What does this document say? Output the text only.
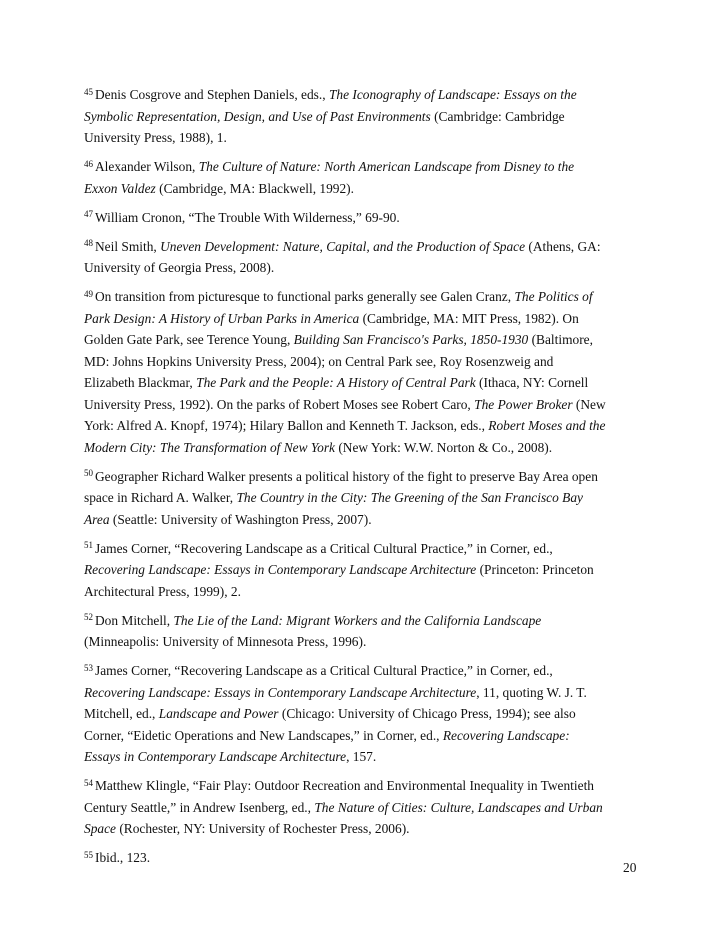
$^{45}$ Denis Cosgrove and Stephen Daniels, eds., The Iconography of Landscape: Essays on the
Symbolic Representation, Design, and Use of Past Environments (Cambridge: Cambridge
University Press, 1988), 1.
$^{46}$ Alexander Wilson, The Culture of Nature: North American Landscape from Disney to the
Exxon Valdez (Cambridge, MA: Blackwell, 1992).
$^{47}$ William Cronon, “The Trouble With Wilderness,” 69-90.
$^{48}$ Neil Smith, Uneven Development: Nature, Capital, and the Production of Space (Athens, GA:
University of Georgia Press, 2008).
$^{49}$ On transition from picturesque to functional parks generally see Galen Cranz, The Politics of
Park Design: A History of Urban Parks in America (Cambridge, MA: MIT Press, 1982). On
Golden Gate Park, see Terence Young, Building San Francisco's Parks, 1850-1930 (Baltimore,
MD: Johns Hopkins University Press, 2004); on Central Park see, Roy Rosenzweig and
Elizabeth Blackmar, The Park and the People: A History of Central Park (Ithaca, NY: Cornell
University Press, 1992). On the parks of Robert Moses see Robert Caro, The Power Broker (New
York: Alfred A. Knopf, 1974); Hilary Ballon and Kenneth T. Jackson, eds., Robert Moses and the
Modern City: The Transformation of New York (New York: W.W. Norton & Co., 2008).
$^{50}$ Geographer Richard Walker presents a political history of the fight to preserve Bay Area open
space in Richard A. Walker, The Country in the City: The Greening of the San Francisco Bay
Area (Seattle: University of Washington Press, 2007).
$^{51}$ James Corner, “Recovering Landscape as a Critical Cultural Practice,” in Corner, ed.,
Recovering Landscape: Essays in Contemporary Landscape Architecture (Princeton: Princeton
Architectural Press, 1999), 2.
$^{52}$ Don Mitchell, The Lie of the Land: Migrant Workers and the California Landscape
(Minneapolis: University of Minnesota Press, 1996).
$^{53}$ James Corner, “Recovering Landscape as a Critical Cultural Practice,” in Corner, ed.,
Recovering Landscape: Essays in Contemporary Landscape Architecture, 11, quoting W. J. T.
Mitchell, ed., Landscape and Power (Chicago: University of Chicago Press, 1994); see also
Corner, “Eidetic Operations and New Landscapes,” in Corner, ed., Recovering Landscape:
Essays in Contemporary Landscape Architecture, 157.
$^{54}$ Matthew Klingle, “Fair Play: Outdoor Recreation and Environmental Inequality in Twentieth
Century Seattle,” in Andrew Isenberg, ed., The Nature of Cities: Culture, Landscapes and Urban
Space (Rochester, NY: University of Rochester Press, 2006).
$^{55}$ Ibid., 123.
20
